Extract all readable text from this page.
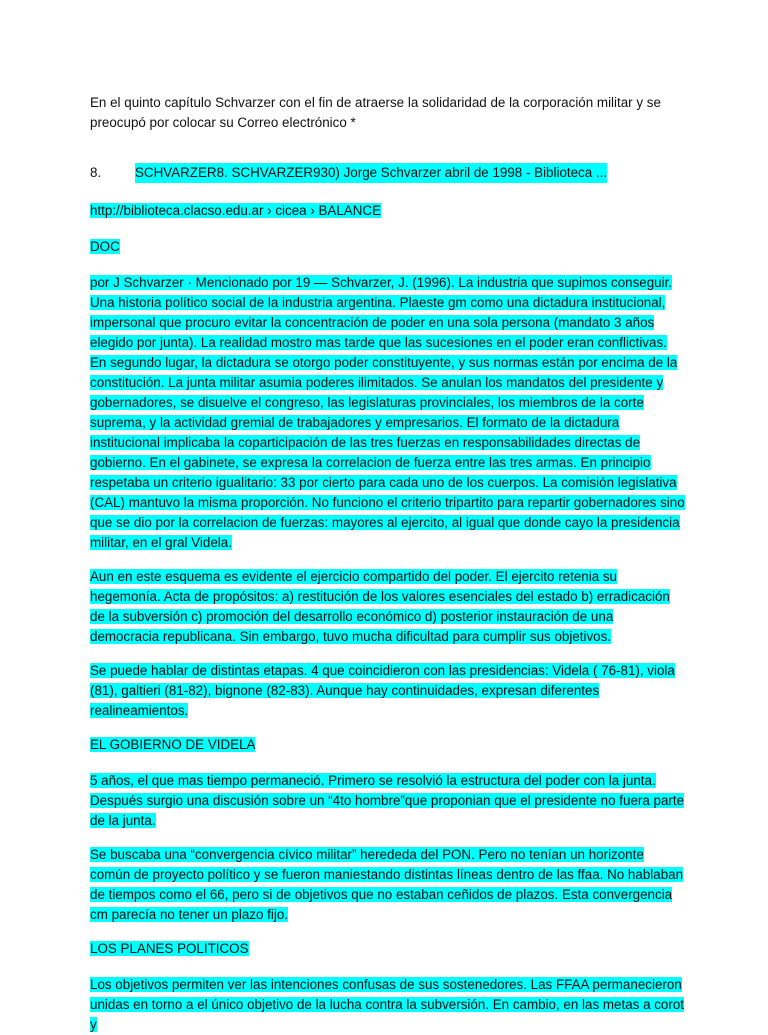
En el quinto capítulo Schvarzer con el fin de atraerse la solidaridad de la corporación militar y se preocupó por colocar su Correo electrónico *

8.	SCHVARZER8. SCHVARZER930) Jorge Schvarzer abril de 1998 - Biblioteca ...

http://biblioteca.clacso.edu.ar › cicea › BALANCE

DOC

por J Schvarzer · Mencionado por 19 — Schvarzer, J. (1996). La industria que supimos conseguir. Una historia político social de la industria argentina. Plaeste gm como una dictadura institucional, impersonal que procuro evitar la concentración de poder en una sola persona (mandato 3 años elegido por junta). La realidad mostro mas tarde que las sucesiones en el poder eran conflictivas. En segundo lugar, la dictadura se otorgo poder constituyente, y sus normas están por encima de la constitución. La junta militar asumia poderes ilimitados. Se anulan los mandatos del presidente y gobernadores, se disuelve el congreso, las legislaturas provinciales, los miembros de la corte suprema, y la actividad gremial de trabajadores y empresarios. El formato de la dictadura institucional implicaba la coparticipación de las tres fuerzas en responsabilidades directas de gobierno. En el gabinete, se expresa la correlacion de fuerza entre las tres armas. En principio respetaba un criterio igualitario: 33 por cierto para cada uno de los cuerpos. La comisión legislativa (CAL) mantuvo la misma proporción. No funciono el criterio tripartito para repartir gobernadores sino que se dio por la correlacion de fuerzas: mayores al ejercito, al igual que donde cayo la presidencia militar, en el gral Videla.

Aun en este esquema es evidente el ejercicio compartido del poder. El ejercito retenia su hegemonía. Acta de propósitos: a) restitución de los valores esenciales del estado b) erradicación de la subversión c) promoción del desarrollo económico d) posterior instauración de una democracia republicana. Sin embargo, tuvo mucha dificultad para cumplir sus objetivos.

Se puede hablar de distintas etapas. 4 que coincidieron con las presidencias: Videla ( 76-81), viola (81), galtieri (81-82), bignone (82-83). Aunque hay continuidades, expresan diferentes realineamientos.

EL GOBIERNO DE VIDELA

5 años, el que mas tiempo permaneció. Primero se resolvió la estructura del poder con la junta. Después surgio una discusión sobre un “4to hombre”que proponian que el presidente no fuera parte de la junta.

Se buscaba una “convergencia cívico militar” herededa del PON. Pero no tenían un horizonte común de proyecto político y se fueron maniestando distintas líneas dentro de las ffaa. No hablaban de tiempos como el 66, pero si de objetivos que no estaban ceñidos de plazos. Esta convergencia cm parecía no tener un plazo fijo.

LOS PLANES POLITICOS

Los objetivos permiten ver las intenciones confusas de sus sostenedores. Las FFAA permanecieron unidas en torno a el único objetivo de la lucha contra la subversión. En cambio, en las metas a corot y
